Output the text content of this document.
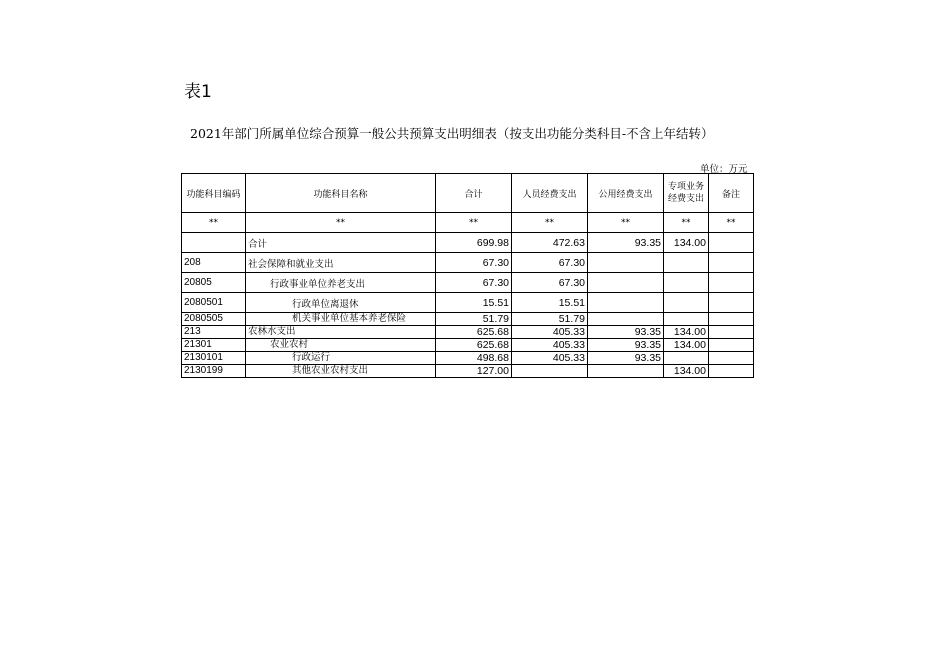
表1
2021年部门所属单位综合预算一般公共预算支出明细表（按支出功能分类科目-不含上年结转）
单位：万元
功能科目编码	功能科目名称	合计	人员经费支出	公用经费支出	专项业务经费支出	备注
**	**	**	**	**	**	**
	合计	699.98	472.63	93.35	134.00	
208	社会保障和就业支出	67.30	67.30			
20805	行政事业单位养老支出	67.30	67.30			
2080501	行政单位离退休	15.51	15.51			
2080505	机关事业单位基本养老保险	51.79	51.79			
213	农林水支出	625.68	405.33	93.35	134.00	
21301	农业农村	625.68	405.33	93.35	134.00	
2130101	行政运行	498.68	405.33	93.35		
2130199	其他农业农村支出	127.00			134.00	
